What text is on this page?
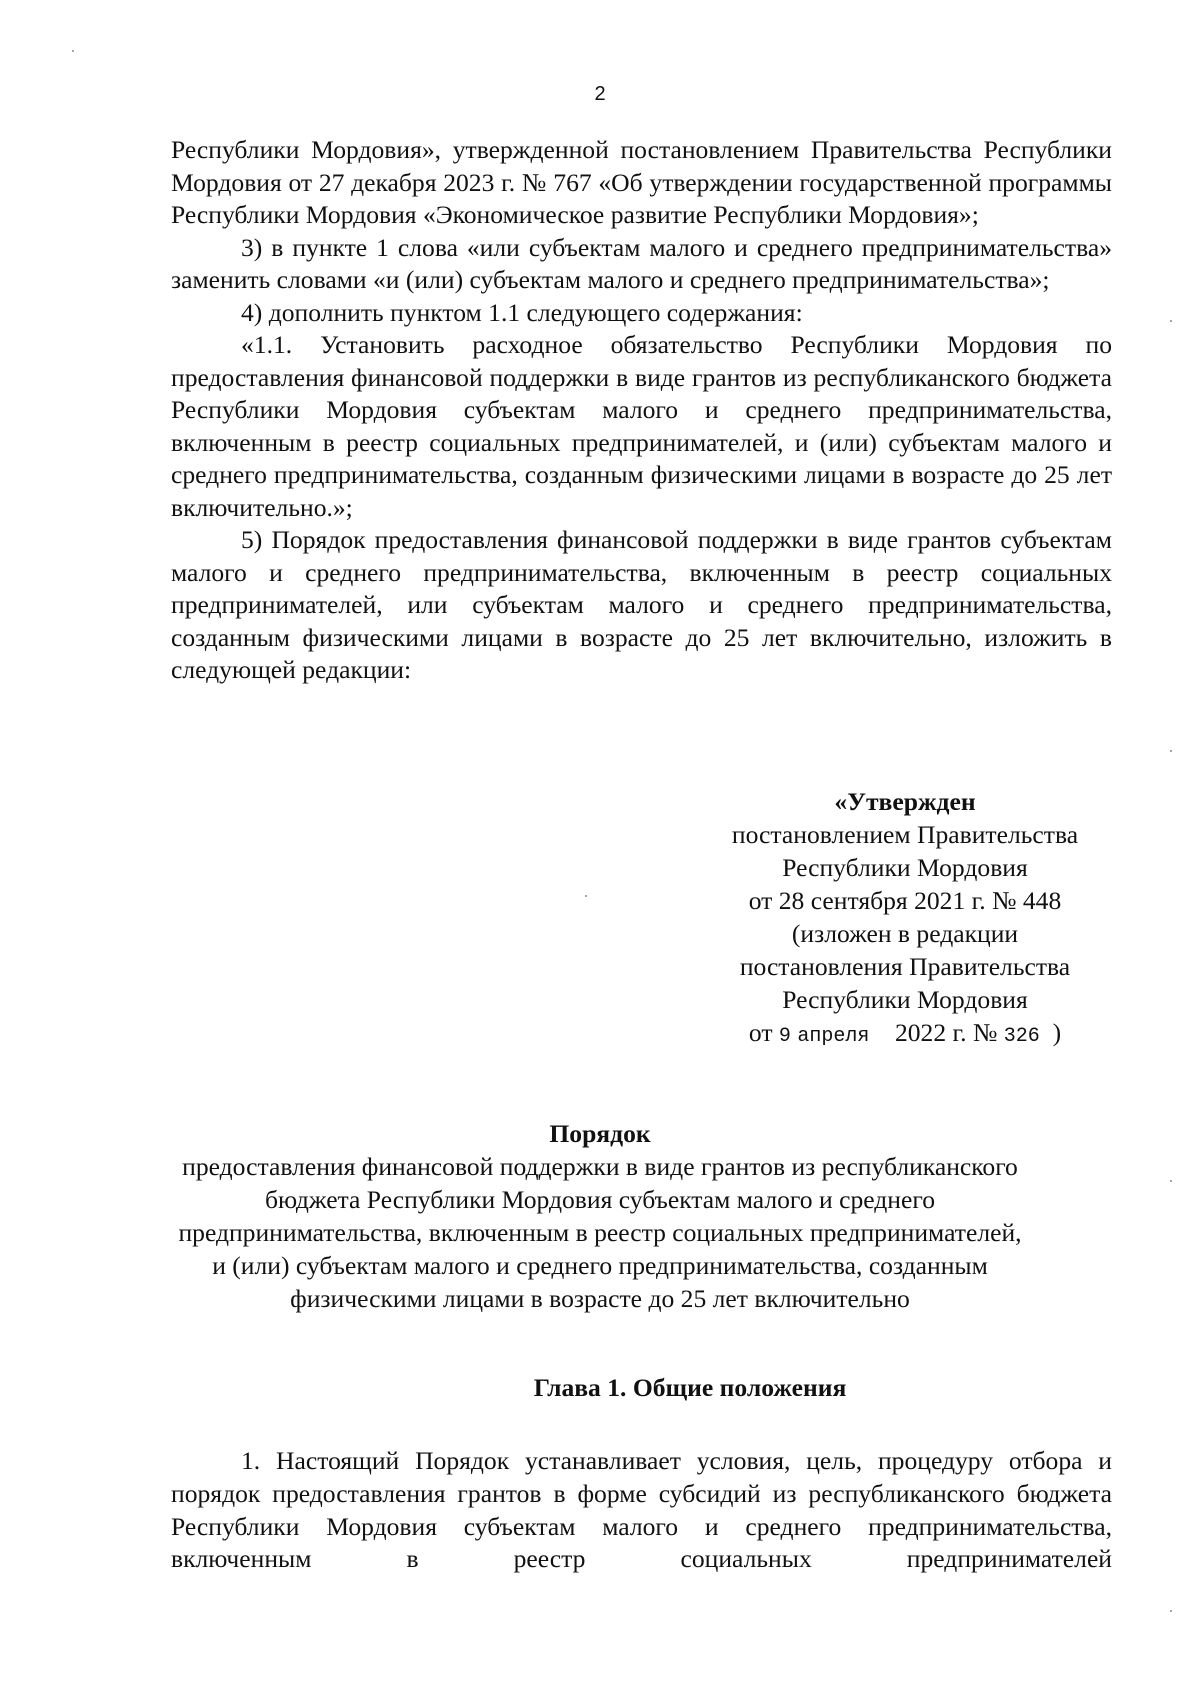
2

Республики Мордовия», утвержденной постановлением Правительства Республики Мордовия от 27 декабря 2023 г. № 767 «Об утверждении государственной программы Республики Мордовия «Экономическое развитие Республики Мордовия»;

3) в пункте 1 слова «или субъектам малого и среднего предпринимательства» заменить словами «и (или) субъектам малого и среднего предпринимательства»;

4) дополнить пунктом 1.1 следующего содержания:

«1.1. Установить расходное обязательство Республики Мордовия по предоставления финансовой поддержки в виде грантов из республиканского бюджета Республики Мордовия субъектам малого и среднего предпринимательства, включенным в реестр социальных предпринимателей, и (или) субъектам малого и среднего предпринимательства, созданным физическими лицами в возрасте до 25 лет включительно.»;

5) Порядок предоставления финансовой поддержки в виде грантов субъектам малого и среднего предпринимательства, включенным в реестр социальных предпринимателей, или субъектам малого и среднего предпринимательства, созданным физическими лицами в возрасте до 25 лет включительно, изложить в следующей редакции:

«Утвержден
постановлением Правительства
Республики Мордовия
от 28 сентября 2021 г. № 448
(изложен в редакции
постановления Правительства
Республики Мордовия
от 9 апреля 2022 г. № 326 )
Порядок
предоставления финансовой поддержки в виде грантов из республиканского
бюджета Республики Мордовия субъектам малого и среднего
предпринимательства, включенным в реестр социальных предпринимателей,
и (или) субъектам малого и среднего предпринимательства, созданным
физическими лицами в возрасте до 25 лет включительно
Глава 1. Общие положения
1. Настоящий Порядок устанавливает условия, цель, процедуру отбора и порядок предоставления грантов в форме субсидий из республиканского бюджета Республики Мордовия субъектам малого и среднего предпринимательства, включенным в реестр социальных предпринимателей
